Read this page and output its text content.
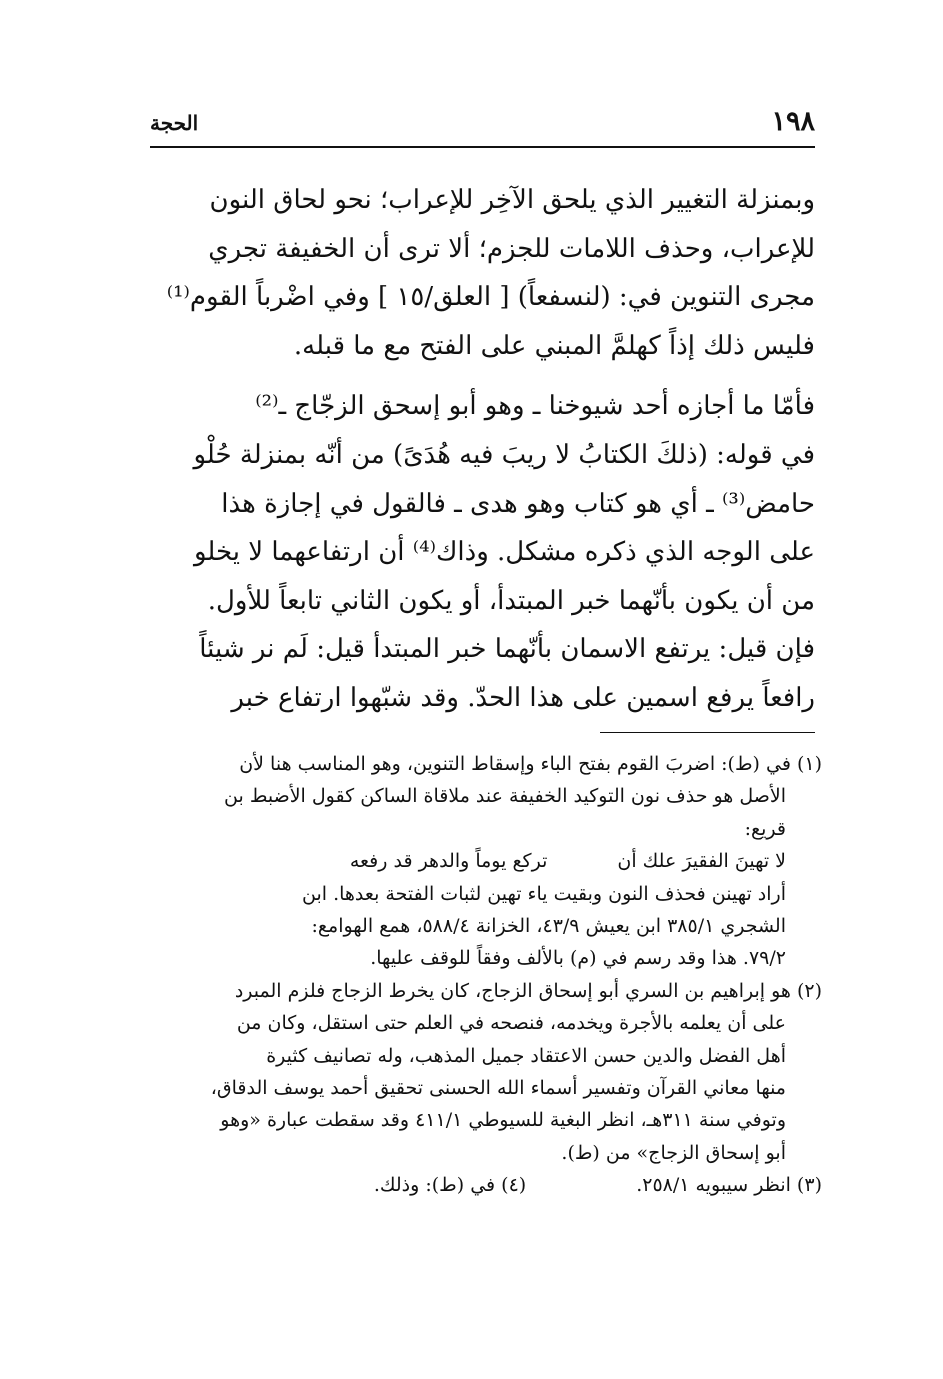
١٩٨
الحجة
وبمنزلة التغيير الذي يلحق الآخِر للإعراب؛ نحو لحاق النون
للإعراب، وحذف اللامات للجزم؛ ألا ترى أن الخفيفة تجري
مجرى التنوين في: (لنسفعاً) [ العلق/١٥ ] وفي اضْرباً القوم⁽¹⁾
فليس ذلك إذاً كهلمَّ المبني على الفتح مع ما قبله.
فأمّا ما أجازه أحد شيوخنا ـ وهو أبو إسحق الزجّاج ـ⁽²⁾
في قوله: (ذلكَ الكتابُ لا ريبَ فيه هُدَىً) من أنّه بمنزلة حُلْو
حامض⁽³⁾ ـ أي هو كتاب وهو هدى ـ فالقول في إجازة هذا
على الوجه الذي ذكره مشكل. وذاك⁽⁴⁾ أن ارتفاعهما لا يخلو
من أن يكون بأنّهما خبر المبتدأ، أو يكون الثاني تابعاً للأول.
فإن قيل: يرتفع الاسمان بأنّهما خبر المبتدأ قيل: لَم نر شيئاً
رافعاً يرفع اسمين على هذا الحدّ. وقد شبّهوا ارتفاع خبر
(١) في (ط): اضربَ القوم بفتح الباء وإسقاط التنوين، وهو المناسب هنا لأن
الأصل هو حذف نون التوكيد الخفيفة عند ملاقاة الساكن كقول الأضبط بن
قريع:
لا تهينَ الفقيرَ علك أن
تركع يوماً والدهر قد رفعه
أراد تهينن فحذف النون وبقيت ياء تهين لثبات الفتحة بعدها. ابن
الشجري ٣٨٥/١ ابن يعيش ٤٣/٩، الخزانة ٥٨٨/٤، همع الهوامع:
٧٩/٢. هذا وقد رسم في (م) بالألف وفقاً للوقف عليها.
(٢) هو إبراهيم بن السري أبو إسحاق الزجاج، كان يخرط الزجاج فلزم المبرد
على أن يعلمه بالأجرة ويخدمه، فنصحه في العلم حتى استقل، وكان من
أهل الفضل والدين حسن الاعتقاد جميل المذهب، وله تصانيف كثيرة
منها معاني القرآن وتفسير أسماء الله الحسنى تحقيق أحمد يوسف الدقاق،
وتوفي سنة ٣١١هـ، انظر البغية للسيوطي ٤١١/١ وقد سقطت عبارة «وهو
أبو إسحاق الزجاج» من (ط).
(٣) انظر سيبويه ٢٥٨/١.
(٤) في (ط): وذلك.
